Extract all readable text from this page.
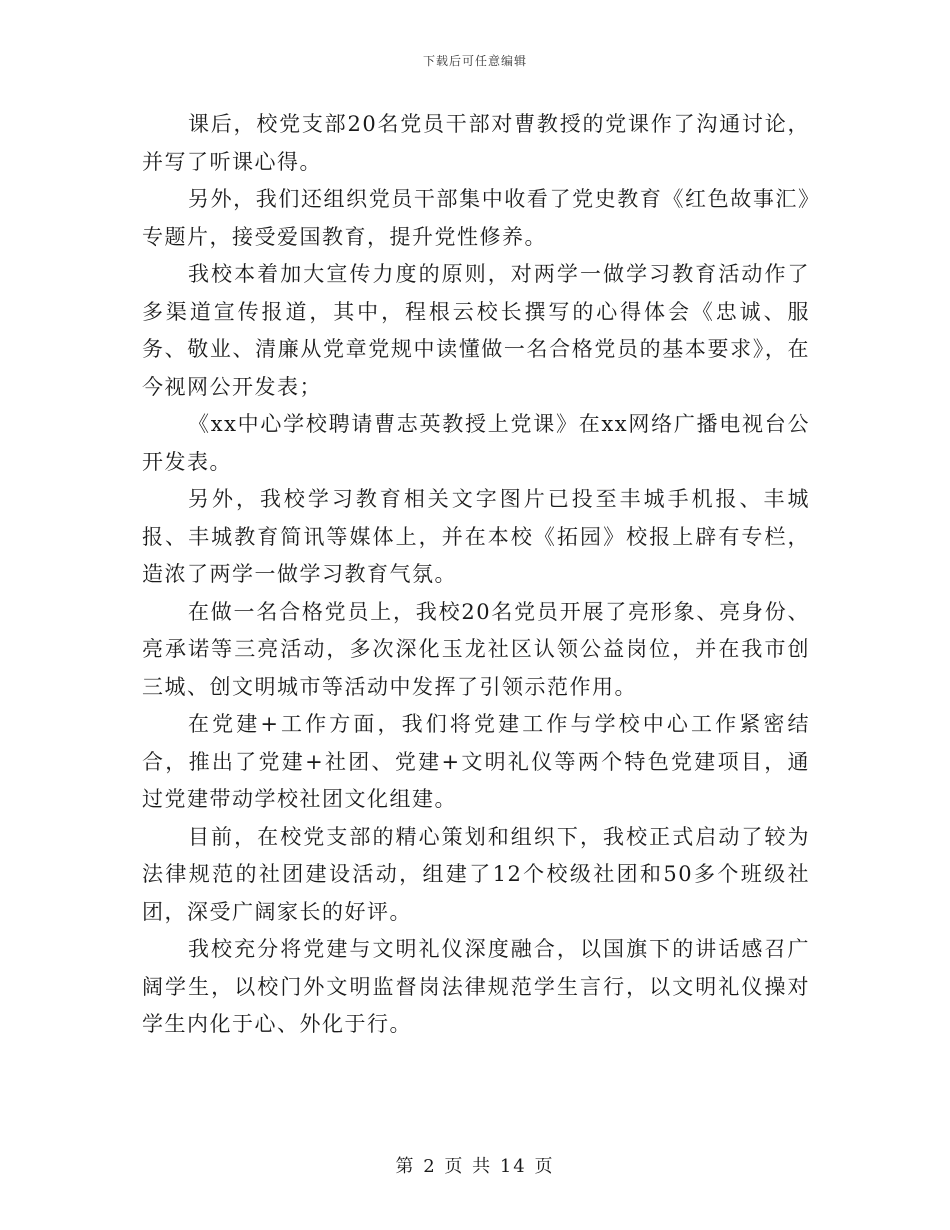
下载后可任意编辑

课后，校党支部20名党员干部对曹教授的党课作了沟通讨论，并写了听课心得。

另外，我们还组织党员干部集中收看了党史教育《红色故事汇》专题片，接受爱国教育，提升党性修养。

我校本着加大宣传力度的原则，对两学一做学习教育活动作了多渠道宣传报道，其中，程根云校长撰写的心得体会《忠诚、服务、敬业、清廉从党章党规中读懂做一名合格党员的基本要求》，在今视网公开发表；

《xx中心学校聘请曹志英教授上党课》在xx网络广播电视台公开发表。

另外，我校学习教育相关文字图片已投至丰城手机报、丰城报、丰城教育简讯等媒体上，并在本校《拓园》校报上辟有专栏，造浓了两学一做学习教育气氛。

在做一名合格党员上，我校20名党员开展了亮形象、亮身份、亮承诺等三亮活动，多次深化玉龙社区认领公益岗位，并在我市创三城、创文明城市等活动中发挥了引领示范作用。

在党建+工作方面，我们将党建工作与学校中心工作紧密结合，推出了党建+社团、党建+文明礼仪等两个特色党建项目，通过党建带动学校社团文化组建。

目前，在校党支部的精心策划和组织下，我校正式启动了较为法律规范的社团建设活动，组建了12个校级社团和50多个班级社团，深受广阔家长的好评。

我校充分将党建与文明礼仪深度融合，以国旗下的讲话感召广阔学生，以校门外文明监督岗法律规范学生言行，以文明礼仪操对学生内化于心、外化于行。

第 2 页 共 14 页
